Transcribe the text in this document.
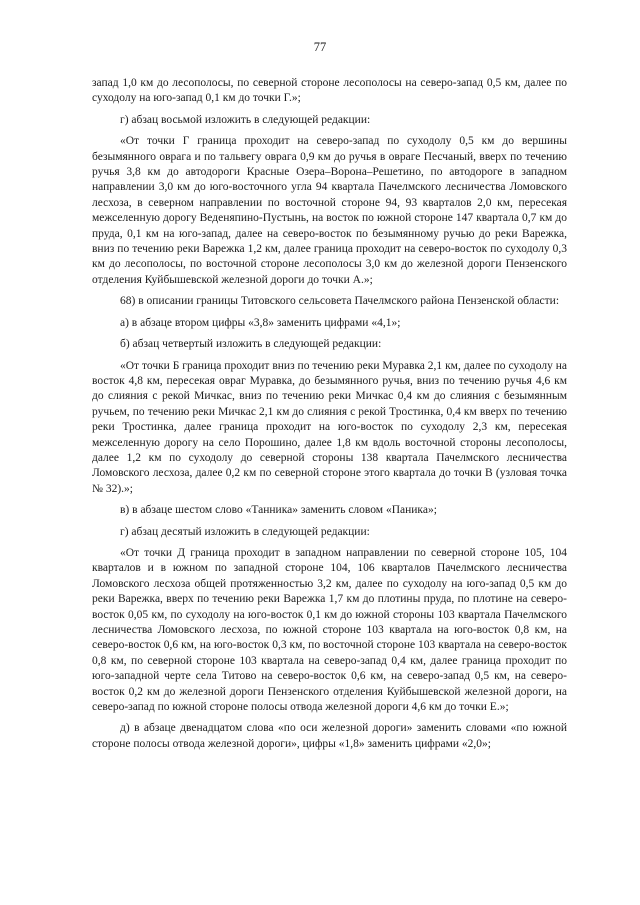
77

запад 1,0 км до лесополосы, по северной стороне лесополосы на северо-запад 0,5 км, далее по суходолу на юго-запад 0,1 км до точки Г.»;

г) абзац восьмой изложить в следующей редакции:

«От точки Г граница проходит на северо-запад по суходолу 0,5 км до вершины безымянного оврага и по тальвегу оврага 0,9 км до ручья в овраге Песчаный, вверх по течению ручья 3,8 км до автодороги Красные Озера–Ворона–Решетино, по автодороге в западном направлении 3,0 км до юго-восточного угла 94 квартала Пачелмского лесничества Ломовского лесхоза, в северном направлении по восточной стороне 94, 93 кварталов 2,0 км, пересекая межселенную дорогу Веденяпино-Пустынь, на восток по южной стороне 147 квартала 0,7 км до пруда, 0,1 км на юго-запад, далее на северо-восток по безымянному ручью до реки Варежка, вниз по течению реки Варежка 1,2 км, далее граница проходит на северо-восток по суходолу 0,3 км до лесополосы, по восточной стороне лесополосы 3,0 км до железной дороги Пензенского отделения Куйбышевской железной дороги до точки А.»;

68) в описании границы Титовского сельсовета Пачелмского района Пензенской области:

а) в абзаце втором цифры «3,8» заменить цифрами «4,1»;

б) абзац четвертый изложить в следующей редакции:

«От точки Б граница проходит вниз по течению реки Муравка 2,1 км, далее по суходолу на восток 4,8 км, пересекая овраг Муравка, до безымянного ручья, вниз по течению ручья 4,6 км до слияния с рекой Мичкас, вниз по течению реки Мичкас 0,4 км до слияния с безымянным ручьем, по течению реки Мичкас 2,1 км до слияния с рекой Тростинка, 0,4 км вверх по течению реки Тростинка, далее граница проходит на юго-восток по суходолу 2,3 км, пересекая межселенную дорогу на село Порошино, далее 1,8 км вдоль восточной стороны лесополосы, далее 1,2 км по суходолу до северной стороны 138 квартала Пачелмского лесничества Ломовского лесхоза, далее 0,2 км по северной стороне этого квартала до точки В (узловая точка № 32).»;

в) в абзаце шестом слово «Танника» заменить словом «Паника»;

г) абзац десятый изложить в следующей редакции:

«От точки Д граница проходит в западном направлении по северной стороне 105, 104 кварталов и в южном по западной стороне 104, 106 кварталов Пачелмского лесничества Ломовского лесхоза общей протяженностью 3,2 км, далее по суходолу на юго-запад 0,5 км до реки Варежка, вверх по течению реки Варежка 1,7 км до плотины пруда, по плотине на северо-восток 0,05 км, по суходолу на юго-восток 0,1 км до южной стороны 103 квартала Пачелмского лесничества Ломовского лесхоза, по южной стороне 103 квартала на юго-восток 0,8 км, на северо-восток 0,6 км, на юго-восток 0,3 км, по восточной стороне 103 квартала на северо-восток 0,8 км, по северной стороне 103 квартала на северо-запад 0,4 км, далее граница проходит по юго-западной черте села Титово на северо-восток 0,6 км, на северо-запад 0,5 км, на северо-восток 0,2 км до железной дороги Пензенского отделения Куйбышевской железной дороги, на северо-запад по южной стороне полосы отвода железной дороги 4,6 км до точки Е.»;

д) в абзаце двенадцатом слова «по оси железной дороги» заменить словами «по южной стороне полосы отвода железной дороги», цифры «1,8» заменить цифрами «2,0»;
